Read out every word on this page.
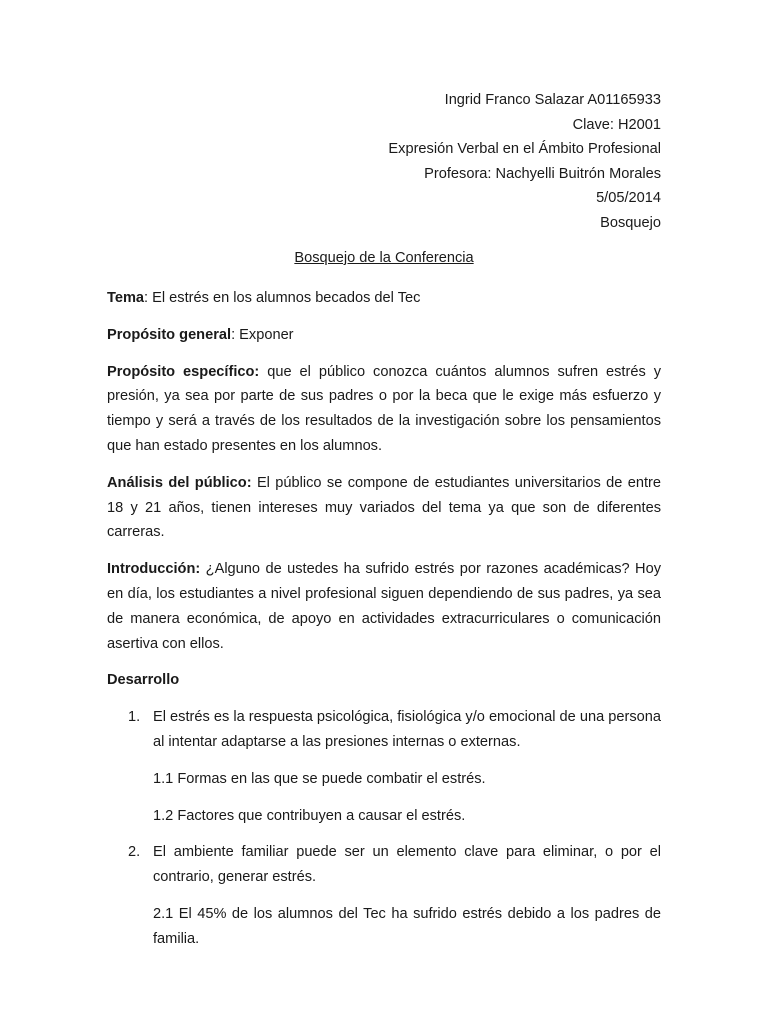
Ingrid Franco Salazar A01165933
Clave: H2001
Expresión Verbal en el Ámbito Profesional
Profesora: Nachyelli Buitrón Morales
5/05/2014
Bosquejo
Bosquejo de la Conferencia

Tema: El estrés en los alumnos becados del Tec

Propósito general: Exponer

Propósito específico: que el público conozca cuántos alumnos sufren estrés y presión, ya sea por parte de sus padres o por la beca que le exige más esfuerzo y tiempo y será a través de los resultados de la investigación sobre los pensamientos que han estado presentes en los alumnos.

Análisis del público: El público se compone de estudiantes universitarios de entre 18 y 21 años, tienen intereses muy variados del tema ya que son de diferentes carreras.

Introducción: ¿Alguno de ustedes ha sufrido estrés por razones académicas? Hoy en día, los estudiantes a nivel profesional siguen dependiendo de sus padres, ya sea de manera económica, de apoyo en actividades extracurriculares o comunicación asertiva con ellos.

Desarrollo

1. El estrés es la respuesta psicológica, fisiológica y/o emocional de una persona al intentar adaptarse a las presiones internas o externas.
1.1 Formas en las que se puede combatir el estrés.
1.2 Factores que contribuyen a causar el estrés.
2. El ambiente familiar puede ser un elemento clave para eliminar, o por el contrario, generar estrés.
2.1 El 45% de los alumnos del Tec ha sufrido estrés debido a los padres de familia.
